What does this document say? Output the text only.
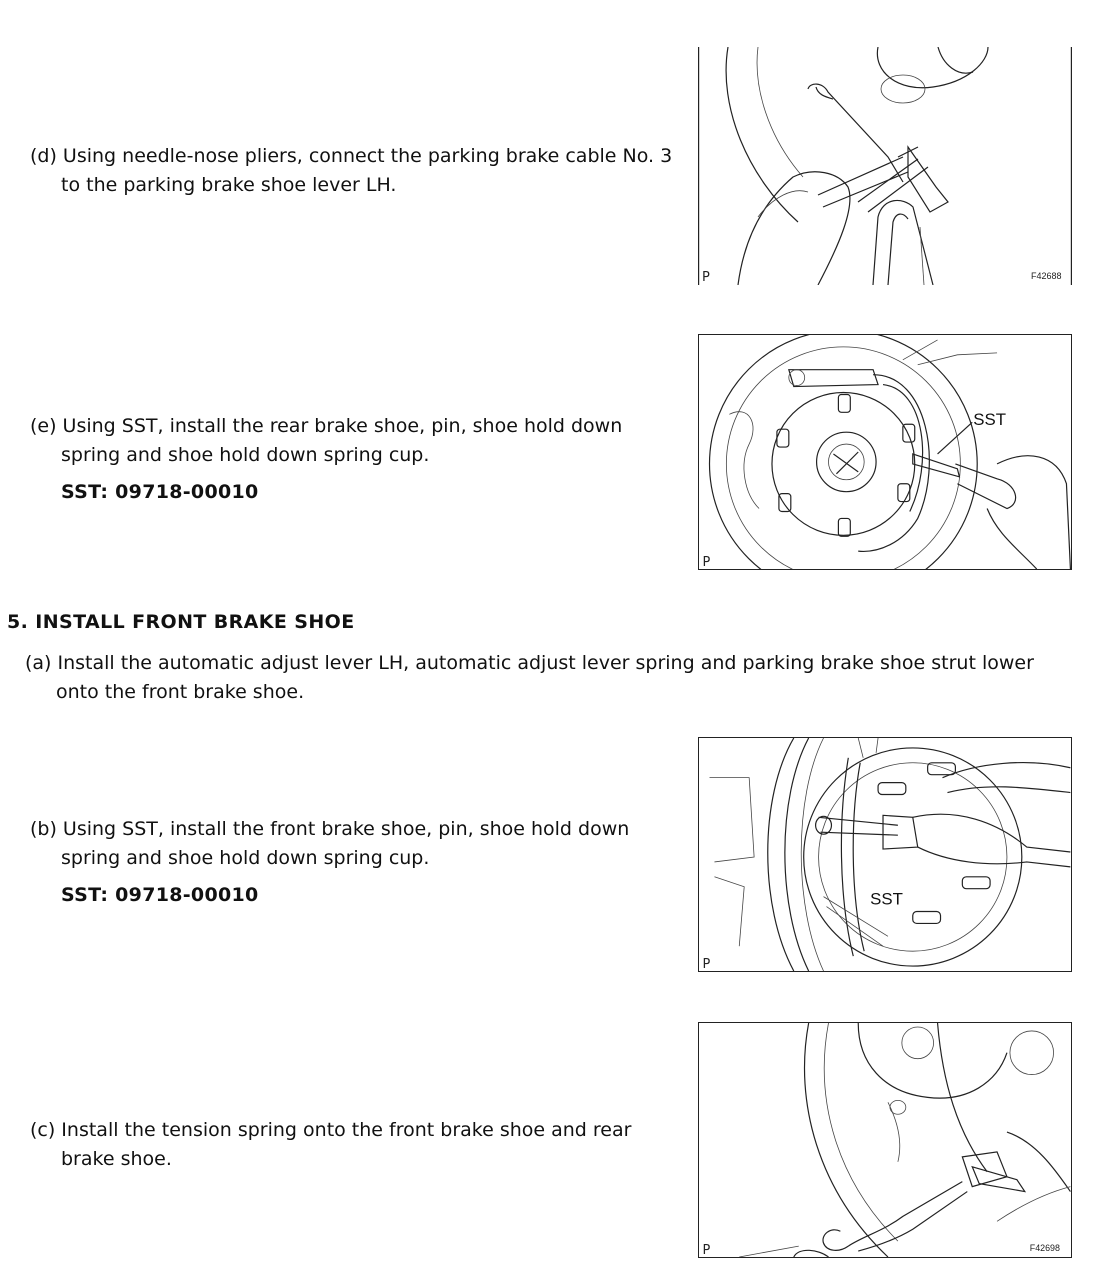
(d) Using needle-nose pliers, connect the parking brake cable No. 3
to the parking brake shoe lever LH.
P	F42688
(e) Using SST, install the rear brake shoe, pin, shoe hold down
spring and shoe hold down spring cup.
SST: 09718-00010
SST
P
5. INSTALL FRONT BRAKE SHOE
(a) Install the automatic adjust lever LH, automatic adjust lever spring and parking brake shoe strut lower
onto the front brake shoe.
(b) Using SST, install the front brake shoe, pin, shoe hold down
spring and shoe hold down spring cup.
SST: 09718-00010	SST
P
(c) Install the tension spring onto the front brake shoe and rear
brake shoe.
P	F42698
